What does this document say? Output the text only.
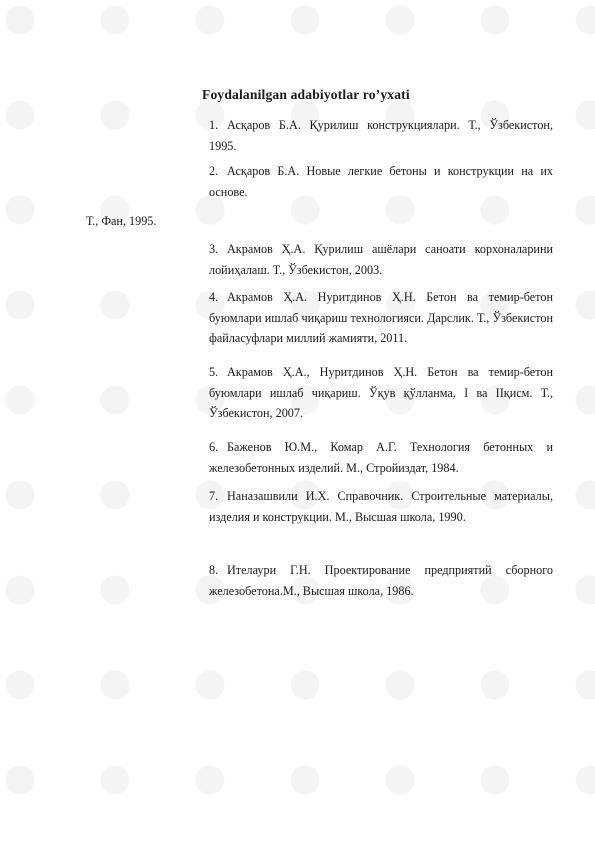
Foydalanilgan adabiyotlar ro’yxati
1. Асқаров Б.А. Қурилиш конструкциялари. Т., Ўзбекистон, 1995.
2. Асқаров Б.А. Новые легкие бетоны и конструкции на их основе.
Т., Фан, 1995.
3. Акрамов Ҳ.А. Қурилиш ашёлари саноати корхоналарини лойиҳалаш. Т., Ўзбекистон, 2003.
4. Акрамов Ҳ.А. Нуритдинов Ҳ.Н. Бетон ва темир-бетон буюмлари ишлаб чиқариш технологияси. Дарслик. Т., Ўзбекистон файласуфлари миллий жамияти, 2011.
5. Акрамов Ҳ.А., Нуритдинов Ҳ.Н. Бетон ва темир-бетон буюмлари ишлаб чиқариш. Ўқув қўлланма, I ва IIқисм. Т., Ўзбекистон, 2007.
6. Баженов Ю.М., Комар А.Г. Технология бетонных и железобетонных изделий. М., Стройиздат, 1984.
7. Наназашвили И.Х. Справочник. Строительные материалы, изделия и конструкции. М., Высшая школа, 1990.
8. Ителаури Г.Н. Проектирование предприятий сборного железобетона.М., Высшая школа, 1986.
